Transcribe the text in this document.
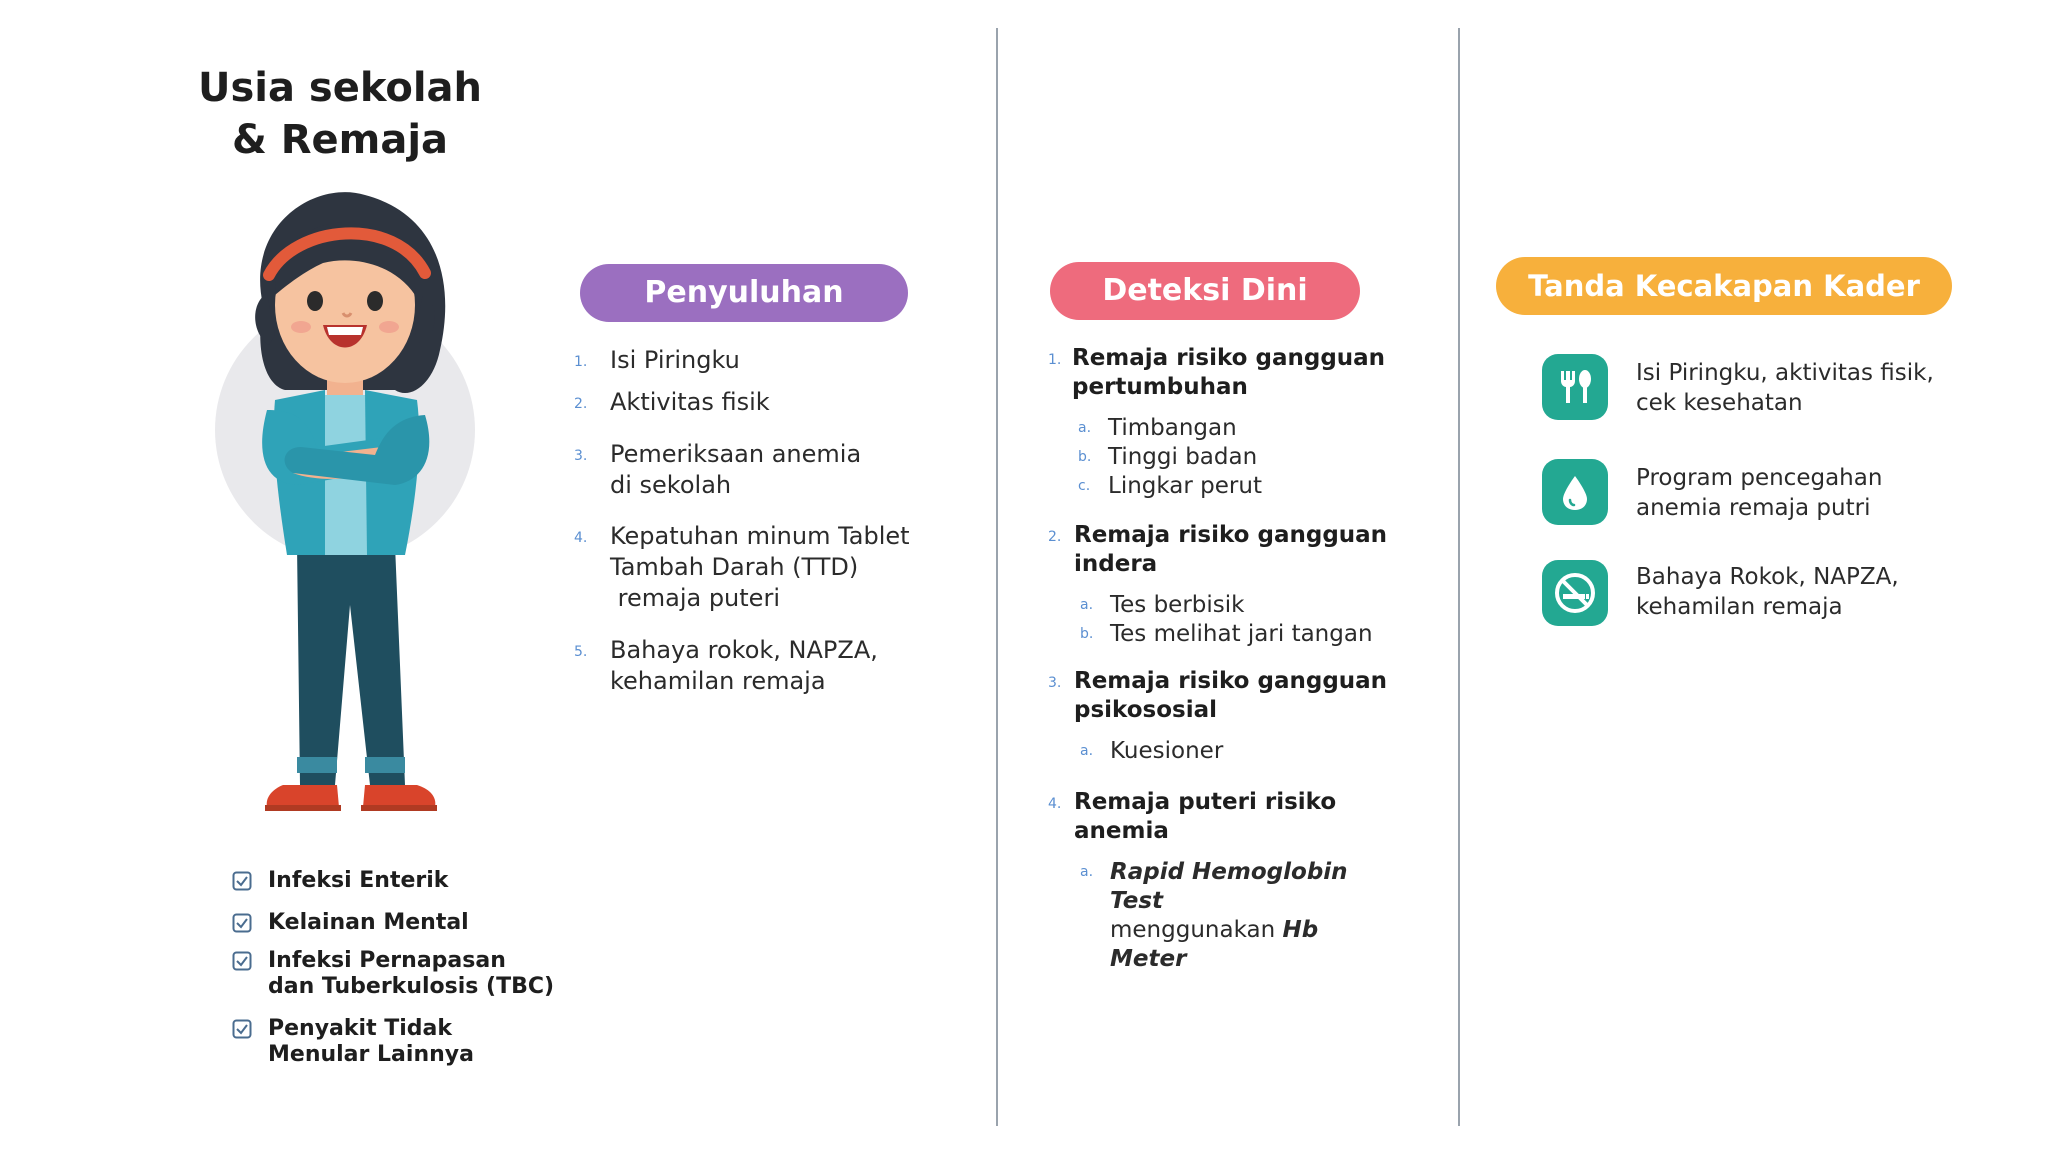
Usia sekolah
& Remaja
Infeksi Enterik
Kelainan Mental
Infeksi Pernapasan
dan Tuberkulosis (TBC)
Penyakit Tidak
Menular Lainnya
Penyuluhan
1. Isi Piringku
2. Aktivitas fisik
3. Pemeriksaan anemia
di sekolah
4. Kepatuhan minum Tablet
Tambah Darah (TTD)
remaja puteri
5. Bahaya rokok, NAPZA,
kehamilan remaja
Deteksi Dini
1. Remaja risiko gangguan
pertumbuhan
a. Timbangan
b. Tinggi badan
c. Lingkar perut
2. Remaja risiko gangguan
indera
a. Tes berbisik
b. Tes melihat jari tangan
3. Remaja risiko gangguan
psikososial
a. Kuesioner
4. Remaja puteri risiko
anemia
a. Rapid Hemoglobin Test
menggunakan Hb Meter
Tanda Kecakapan Kader
Isi Piringku, aktivitas fisik,
cek kesehatan
Program pencegahan
anemia remaja putri
Bahaya Rokok, NAPZA,
kehamilan remaja
